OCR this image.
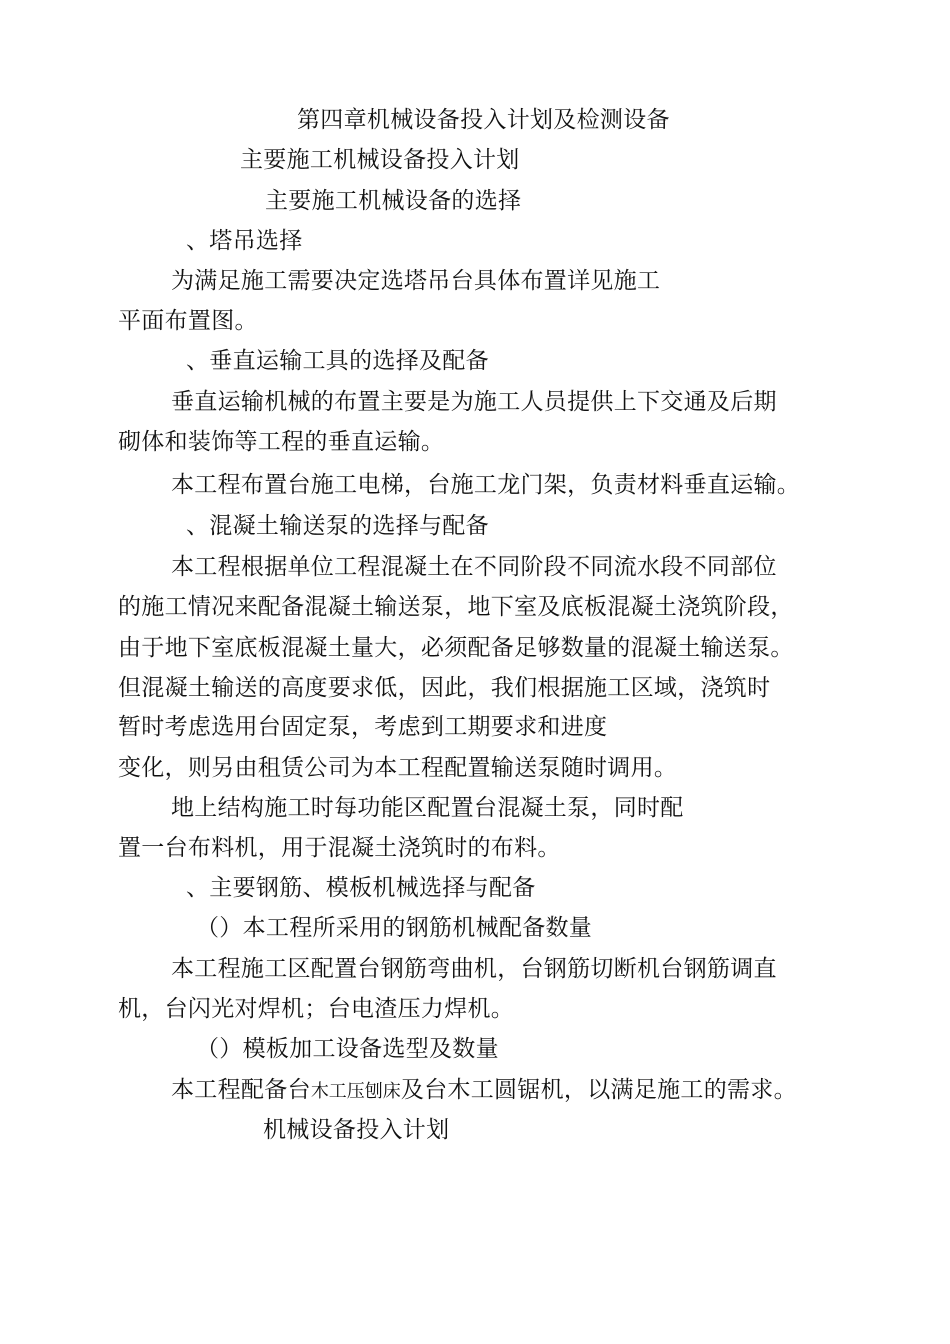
第四章机械设备投入计划及检测设备

主要施工机械设备投入计划

主要施工机械设备的选择

、塔吊选择

为满足施工需要决定选塔吊台具体布置详见施工

平面布置图。

、垂直运输工具的选择及配备

垂直运输机械的布置主要是为施工人员提供上下交通及后期

砌体和装饰等工程的垂直运输。

本工程布置台施工电梯，台施工龙门架，负责材料垂直运输。

、混凝土输送泵的选择与配备

本工程根据单位工程混凝土在不同阶段不同流水段不同部位

的施工情况来配备混凝土输送泵，地下室及底板混凝土浇筑阶段，

由于地下室底板混凝土量大，必须配备足够数量的混凝土输送泵。

但混凝土输送的高度要求低，因此，我们根据施工区域，浇筑时

暂时考虑选用台固定泵，考虑到工期要求和进度

变化，则另由租赁公司为本工程配置输送泵随时调用。

地上结构施工时每功能区配置台混凝土泵，同时配

置一台布料机，用于混凝土浇筑时的布料。

、主要钢筋、模板机械选择与配备

（）本工程所采用的钢筋机械配备数量

本工程施工区配置台钢筋弯曲机，台钢筋切断机台钢筋调直

机，台闪光对焊机；台电渣压力焊机。

（）模板加工设备选型及数量

本工程配备台木工压刨床及台木工圆锯机，以满足施工的需求。

机械设备投入计划
